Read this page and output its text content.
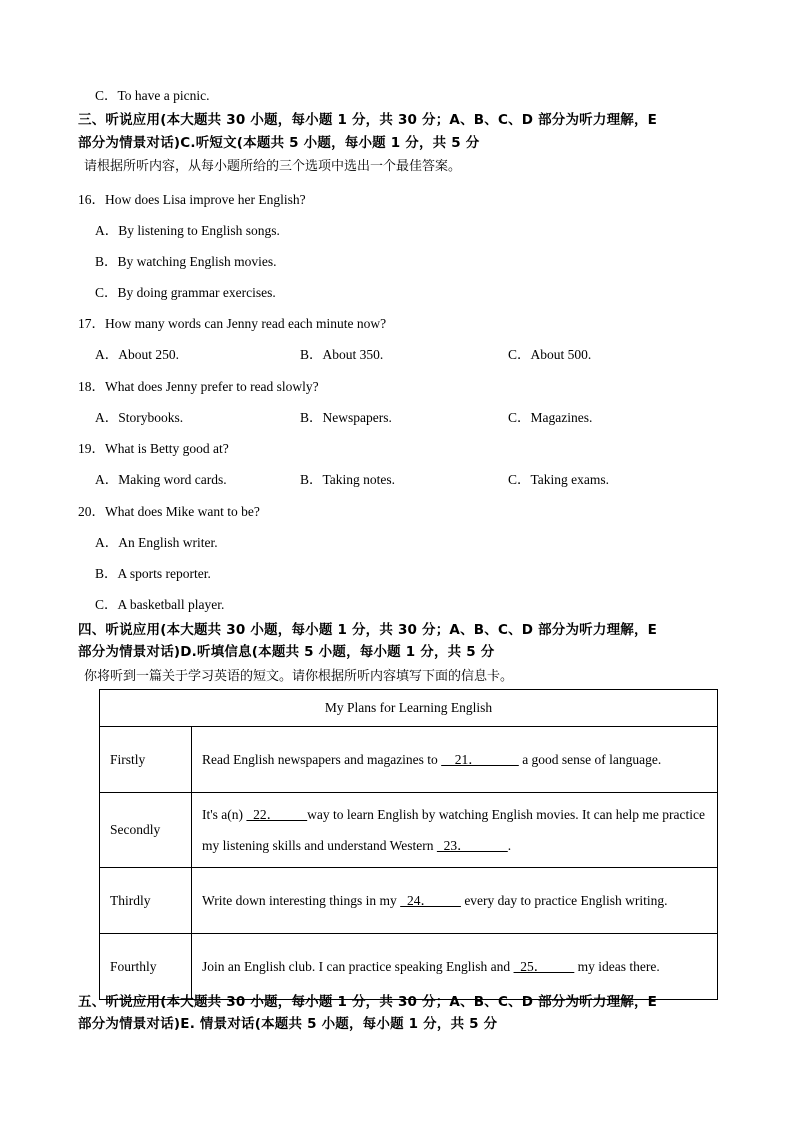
C．To have a picnic.
三、听说应用(本大题共 30 小题，每小题 1 分，共 30 分；A、B、C、D 部分为听力理解，E
部分为情景对话)C.听短文(本题共 5 小题，每小题 1 分，共 5 分
请根据所听内容，从每小题所给的三个选项中选出一个最佳答案。
16．How does Lisa improve her English?
A．By listening to English songs.
B．By watching English movies.
C．By doing grammar exercises.
17．How many words can Jenny read each minute now?
A．About 250.	B．About 350.	C．About 500.
18．What does Jenny prefer to read slowly?
A．Storybooks.	B．Newspapers.	C．Magazines.
19．What is Betty good at?
A．Making word cards.	B．Taking notes.	C．Taking exams.
20．What does Mike want to be?
A．An English writer.
B．A sports reporter.
C．A basketball player.
四、听说应用(本大题共 30 小题，每小题 1 分，共 30 分；A、B、C、D 部分为听力理解，E
部分为情景对话)D.听填信息(本题共 5 小题，每小题 1 分，共 5 分
你将听到一篇关于学习英语的短文。请你根据所听内容填写下面的信息卡。
My Plans for Learning English	
Firstly	Read English newspapers and magazines to     21．            a good sense of language.
Secondly	It's a(n)   22．        way to learn English by watching English movies. It can help me practice my listening skills and understand Western   23．           .
Thirdly	Write down interesting things in my   24．         every day to practice English writing.
Fourthly	Join an English club. I can practice speaking English and   25．         my ideas there.
五、听说应用(本大题共 30 小题，每小题 1 分，共 30 分；A、B、C、D 部分为听力理解，E
部分为情景对话)E. 情景对话(本题共 5 小题，每小题 1 分，共 5 分
